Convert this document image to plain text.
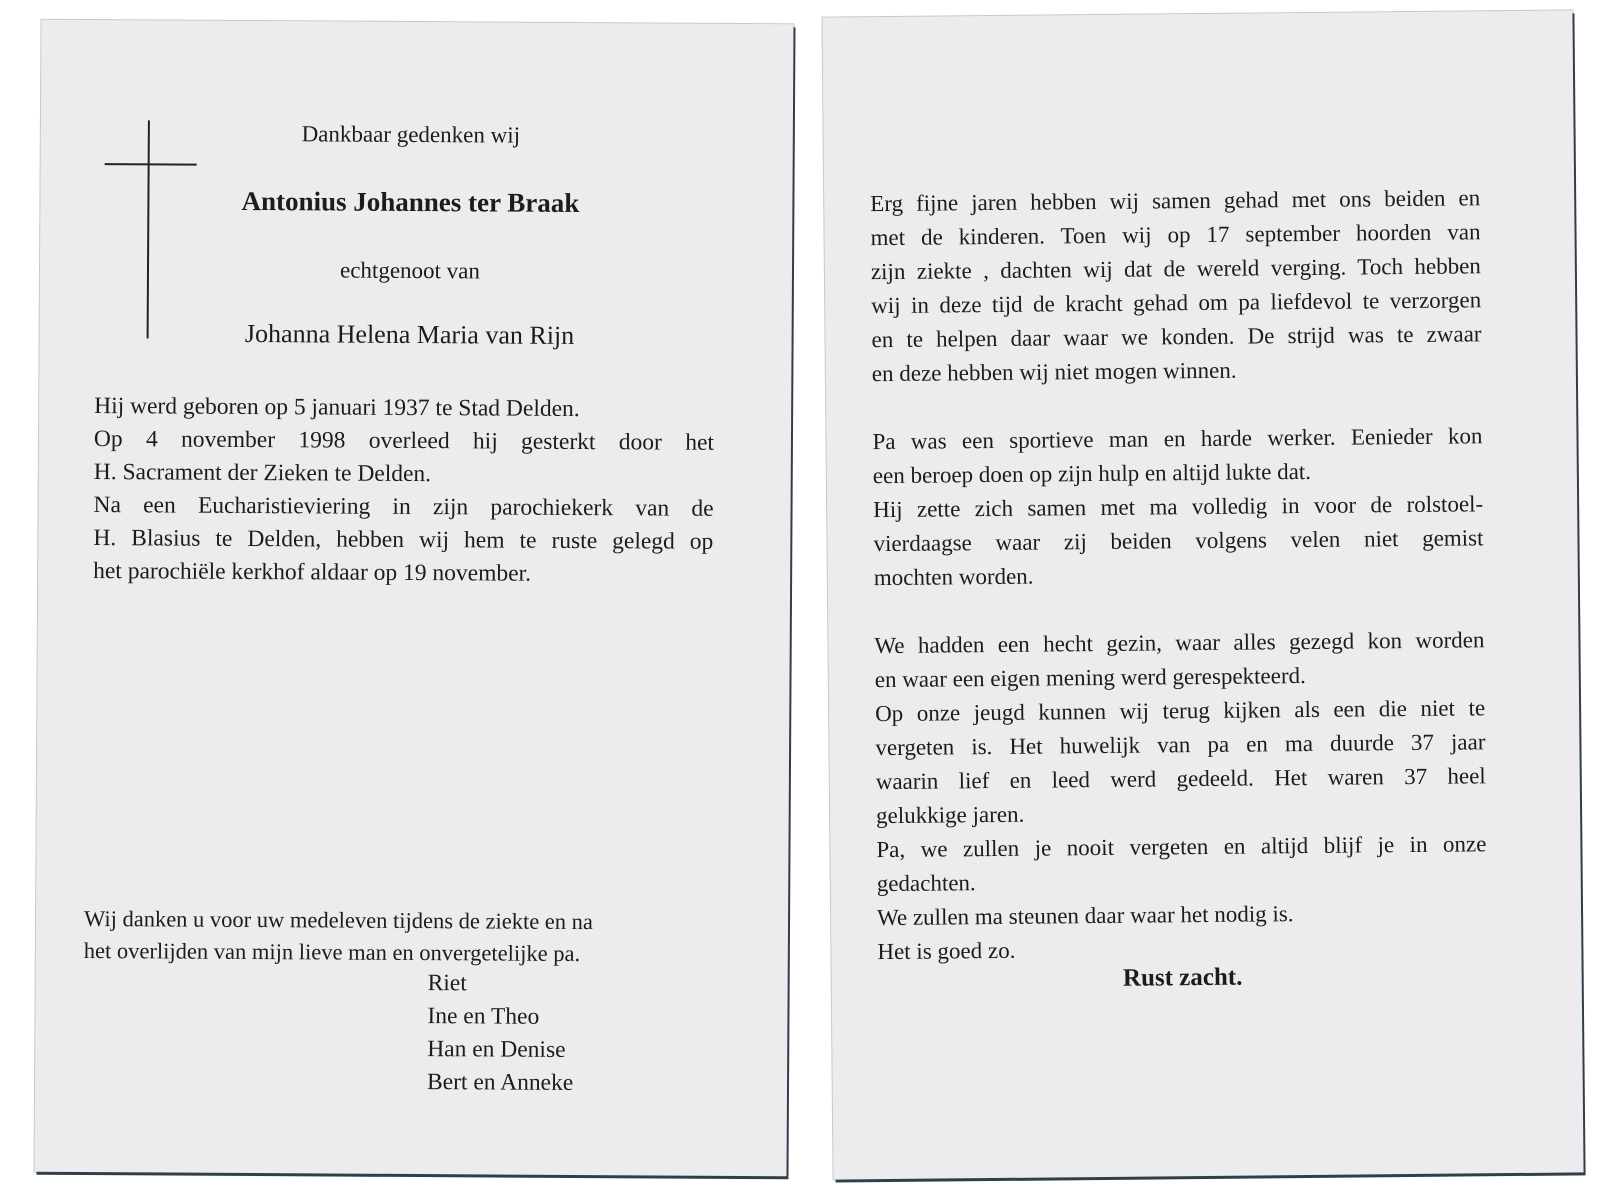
Dankbaar gedenken wij
Antonius Johannes ter Braak
echtgenoot van
Johanna Helena Maria van Rijn
Hij werd geboren op 5 januari 1937 te Stad Delden.
Op 4 november 1998 overleed hij gesterkt door het
H. Sacrament der Zieken te Delden.
Na een Eucharistieviering in zijn parochiekerk van de
H. Blasius te Delden, hebben wij hem te ruste gelegd op
het parochiële kerkhof aldaar op 19 november.
Wij danken u voor uw medeleven tijdens de ziekte en na
het overlijden van mijn lieve man en onvergetelijke pa.
Riet
Ine en Theo
Han en Denise
Bert en Anneke
Erg fijne jaren hebben wij samen gehad met ons beiden en
met de kinderen. Toen wij op 17 september hoorden van
zijn ziekte , dachten wij dat de wereld verging. Toch hebben
wij in deze tijd de kracht gehad om pa liefdevol te verzorgen
en te helpen daar waar we konden. De strijd was te zwaar
en deze hebben wij niet mogen winnen.
Pa was een sportieve man en harde werker. Eenieder kon
een beroep doen op zijn hulp en altijd lukte dat.
Hij zette zich samen met ma volledig in voor de rolstoel-
vierdaagse waar zij beiden volgens velen niet gemist
mochten worden.
We hadden een hecht gezin, waar alles gezegd kon worden
en waar een eigen mening werd gerespekteerd.
Op onze jeugd kunnen wij terug kijken als een die niet te
vergeten is. Het huwelijk van pa en ma duurde 37 jaar
waarin lief en leed werd gedeeld. Het waren 37 heel
gelukkige jaren.
Pa, we zullen je nooit vergeten en altijd blijf je in onze
gedachten.
We zullen ma steunen daar waar het nodig is.
Het is goed zo.
Rust zacht.
